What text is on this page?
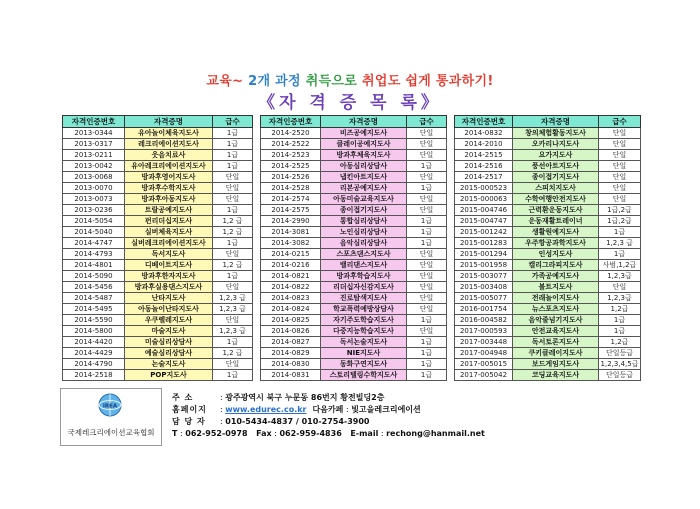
교육~ 2개 과정 취득으로 취업도 쉽게 통과하기!
《자 격 증 목 록》
자격인증번호	자격증명	급수
2013-0344	유아놀이체육지도사	1급
2013-0317	레크리에이션지도사	1급
2013-0211	웃음치료사	1급
2013-0042	유아레크리에이션지도사	1급
2013-0068	방과후영어지도사	단일
2013-0070	방과후수학지도사	단일
2013-0073	방과후아동지도사	단일
2013-0236	트랄공예지도사	1급
2014-5054	펀리더십지도사	1,2 급
2014-5040	실버체육지도사	1,2 급
2014-4747	실버레크리에이션지도사	1급
2014-4793	독서지도사	단일
2014-4801	디베이트지도사	1,2 급
2014-5090	방과후한자지도사	1급
2014-5456	방과후실용댄스지도사	단일
2014-5487	난타지도사	1,2,3 급
2014-5495	아동놀이난타지도사	1,2,3 급
2014-5590	우쿠렐레지도사	단일
2014-5800	마술지도사	1,2,3 급
2014-4420	미술심리상담사	1급
2014-4429	예술심리상담사	1,2 급
2014-4790	논술지도사	단일
2014-2518	POP지도사	1급
자격인증번호	자격증명	급수
2014-2520	비즈공예지도사	단일
2014-2522	클레이공예지도사	단일
2014-2523	방과후체육지도사	단일
2014-2525	아동심리상담사	1급
2014-2526	냅킨아트지도사	단일
2014-2528	리본공예지도사	1급
2014-2574	아동미술교육지도사	단일
2014-2575	종이접기지도사	단일
2014-2990	통합심리상담사	1급
2014-3081	노인심리상담사	1급
2014-3082	음악심리상담사	1급
2014-0215	스포츠댄스지도사	단일
2014-0216	밸리댄스지도사	단일
2014-0821	방과후학습지도사	단일
2014-0822	리더십자신감지도사	단일
2014-0823	진로탐색지도사	단일
2014-0824	학교폭력예방상담사	단일
2014-0825	자기주도학습지도사	1급
2014-0826	다중지능학습지도사	단일
2014-0827	독서논술지도사	1급
2014-0829	NIE지도사	1급
2014-0830	동화구연지도사	1급
2014-0831	스토리텔링수학지도사	1급
자격인증번호	자격증명	급수
2014-0832	창의체험활동지도사	단일
2014-2010	오카리나지도사	단일
2014-2515	요가지도사	단일
2014-2516	풍선아트지도사	단일
2014-2517	종이접기지도사	단일
2015-000523	스피치지도사	단일
2015-000063	수학여행안전지도사	단일
2015-004746	근력환운동지도사	1급,2급
2015-004747	운동재활트레이너	1급,2급
2015-001242	생활원예지도사	1급
2015-001283	우주항공과학지도사	1,2,3 급
2015-001294	인성지도사	1급
2015-001958	캘리그라피지도사	사범,1,2급
2015-003077	가족공예지도사	1,2,3급
2015-003408	볼트지도사	단일
2015-005077	전래놀이지도사	1,2,3급
2016-001754	뉴스포츠지도사	1,2급
2016-004582	음악줄넘기지도사	1급
2017-000593	안전교육지도사	1급
2017-003448	독서토론지도사	1,2급
2017-004948	쿠키클레이지도사	단일등급
2017-005015	보드게임지도사	1,2,3,4,5급
2017-005042	코딩교육지도사	단일등급
IREA
국제레크리에이션교육협회
주 소	: 광주광역시 북구 누문동 86번지 황전빌딩2층
홈페이지 : www.edurec.co.kr 다음카페 : 빛고을레크리에이션
담 당 자 : 010-5434-4837 / 010-2754-3900
T : 062-952-0978 Fax : 062-959-4836 E-mail : rechong@hanmail.net
